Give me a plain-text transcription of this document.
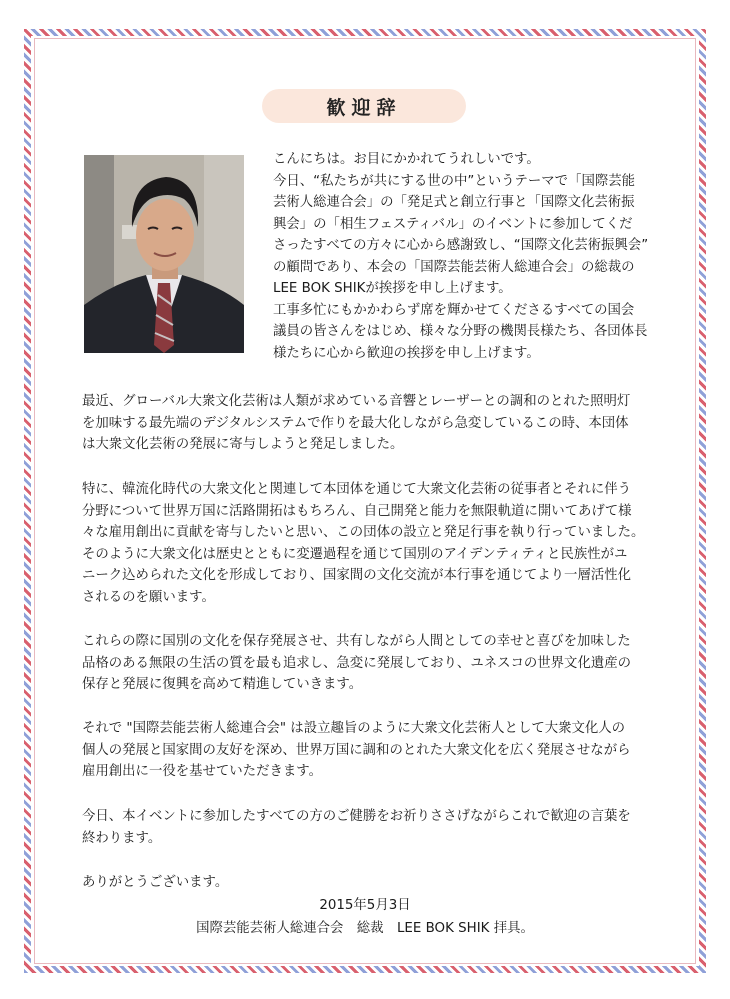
歓迎辞
こんにちは。お目にかかれてうれしいです。
今日、“私たちが共にする世の中”というテーマで「国際芸能
芸術人総連合会」の「発足式と創立行事と「国際文化芸術振
興会」の「相生フェスティバル」のイベントに参加してくだ
さったすべての方々に心から感謝致し、“国際文化芸術振興会”
の顧問であり、本会の「国際芸能芸術人総連合会」の総裁の
LEE BOK SHIKが挨拶を申し上げます。
工事多忙にもかかわらず席を輝かせてくださるすべての国会
議員の皆さんをはじめ、様々な分野の機関長様たち、各団体長
様たちに心から歓迎の挨拶を申し上げます。
最近、グローバル大衆文化芸術は人類が求めている音響とレーザーとの調和のとれた照明灯
を加味する最先端のデジタルシステムで作りを最大化しながら急変しているこの時、本団体
は大衆文化芸術の発展に寄与しようと発足しました。
特に、韓流化時代の大衆文化と関連して本団体を通じて大衆文化芸術の従事者とそれに伴う
分野について世界万国に活路開拓はもちろん、自己開発と能力を無限軌道に開いてあげて様
々な雇用創出に貢献を寄与したいと思い、この団体の設立と発足行事を執り行っていました。
そのように大衆文化は歴史とともに変遷過程を通じて国別のアイデンティティと民族性がユ
ニーク込められた文化を形成しており、国家間の文化交流が本行事を通じてより一層活性化
されるのを願います。
これらの際に国別の文化を保存発展させ、共有しながら人間としての幸せと喜びを加味した
品格のある無限の生活の質を最も追求し、急変に発展しており、ユネスコの世界文化遺産の
保存と発展に復興を高めて精進していきます。
それで "国際芸能芸術人総連合会" は設立趣旨のように大衆文化芸術人として大衆文化人の
個人の発展と国家間の友好を深め、世界万国に調和のとれた大衆文化を広く発展させながら
雇用創出に一役を基せていただきます。
今日、本イベントに参加したすべての方のご健勝をお祈りささげながらこれで歓迎の言葉を
終わります。
ありがとうございます。
2015年5月3日
国際芸能芸術人総連合会　総裁　LEE BOK SHIK 拝具。
